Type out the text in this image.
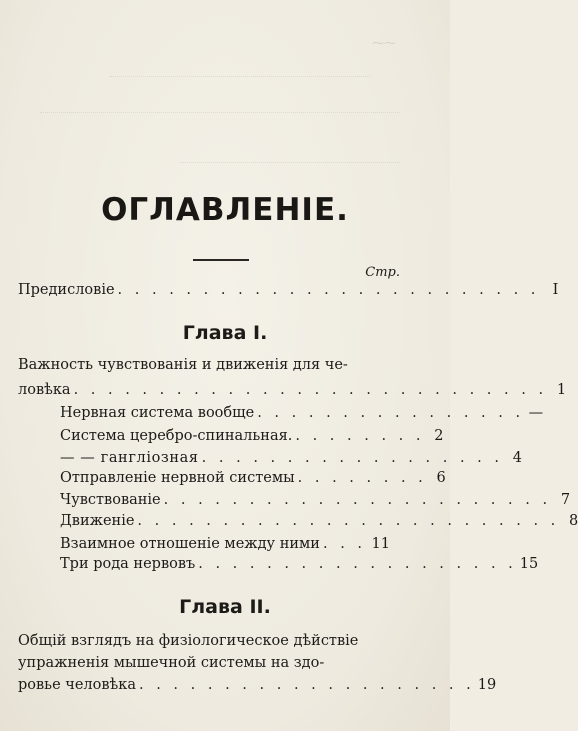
⁓⁓
ОГЛАВЛЕНІЕ.
Стр.
Предисловіе . . . . . . . . . . . . . . . . . . . . . . . . . I
Глава I.
Важность чувствованія и движенія для че-
ловѣка . . . . . . . . . . . . . . . . . . . . . . . . . . . . 1
Нервная система вообще . . . . . . . . . . . . . . . . —
Система церебро-спинальная. . . . . . . . . 2
— — гангліозная . . . . . . . . . . . . . . . . . . 4
Отправленіе нервной системы . . . . . . . . 6
Чувствованіе . . . . . . . . . . . . . . . . . . . . . . . 7
Движеніе . . . . . . . . . . . . . . . . . . . . . . . . . 8
Взаимное отношеніе между ними . . . 11
Три рода нервовъ . . . . . . . . . . . . . . . . . . . 15
Глава II.
Общій взглядъ на физіологическое дѣйствіе
упражненія мышечной системы на здо-
ровье человѣка . . . . . . . . . . . . . . . . . . . . 19
